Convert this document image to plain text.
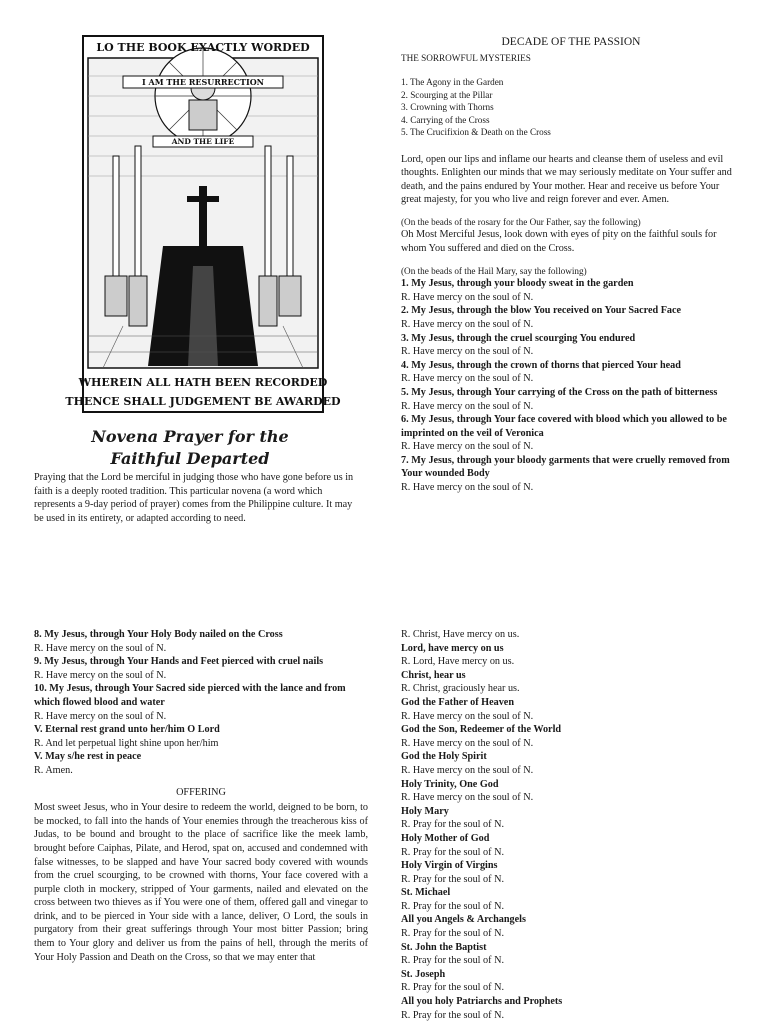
I AM THE RESURRECTION
AND THE LIFE
LO THE BOOK EXACTLY WORDED
WHEREIN ALL HATH BEEN RECORDED
THENCE SHALL JUDGEMENT BE AWARDED
Novena Prayer for the
Faithful Departed

Praying that the Lord be merciful in judging those who have gone before us in faith is a deeply rooted tradition. This particular novena (a word which represents a 9-day period of prayer) comes from the Philippine culture. It may be used in its entirety, or adapted according to need.

DECADE OF THE PASSION
THE SORROWFUL MYSTERIES
1. The Agony in the Garden
2. Scourging at the Pillar
3. Crowning with Thorns
4. Carrying of the Cross
5. The Crucifixion & Death on the Cross

Lord, open our lips and inflame our hearts and cleanse them of useless and evil thoughts. Enlighten our minds that we may seriously meditate on Your suffer and death, and the pains endured by Your mother. Hear and receive us before Your great majesty, for you who live and reign forever and ever. Amen.

(On the beads of the rosary for the Our Father, say the following)

Oh Most Merciful Jesus, look down with eyes of pity on the faithful souls for whom You suffered and died on the Cross.

(On the beads of the Hail Mary, say the following)
1. My Jesus, through your bloody sweat in the garden
R. Have mercy on the soul of N.
2. My Jesus, through the blow You received on Your Sacred Face
R. Have mercy on the soul of N.
3. My Jesus, through the cruel scourging You endured
R. Have mercy on the soul of N.
4. My Jesus, through the crown of thorns that pierced Your head
R. Have mercy on the soul of N.
5. My Jesus, through Your carrying of the Cross on the path of bitterness
R. Have mercy on the soul of N.
6. My Jesus, through Your face covered with blood which you allowed to be imprinted on the veil of Veronica
R. Have mercy on the soul of N.
7. My Jesus, through your bloody garments that were cruelly removed from Your wounded Body
R. Have mercy on the soul of N.
8. My Jesus, through Your Holy Body nailed on the Cross
R. Have mercy on the soul of N.
9. My Jesus, through Your Hands and Feet pierced with cruel nails
R. Have mercy on the soul of N.
10. My Jesus, through Your Sacred side pierced with the lance and from which flowed blood and water
R. Have mercy on the soul of N.
V. Eternal rest grand unto her/him O Lord
R. And let perpetual light shine upon her/him
V. May s/he rest in peace
R. Amen.
OFFERING

Most sweet Jesus, who in Your desire to redeem the world, deigned to be born, to be mocked, to fall into the hands of Your enemies through the treacherous kiss of Judas, to be bound and brought to the place of sacrifice like the meek lamb, brought before Caiphas, Pilate, and Herod, spat on, accused and condemned with false witnesses, to be slapped and have Your sacred body covered with wounds from the cruel scourging, to be crowned with thorns, Your face covered with a purple cloth in mockery, stripped of Your garments, nailed and elevated on the cross between two thieves as if You were one of them, offered gall and vinegar to drink, and to be pierced in Your side with a lance, deliver, O Lord, the souls in purgatory from their great sufferings through Your most bitter Passion; bring them to Your glory and deliver us from the pains of hell, through the merits of Your Holy Passion and Death on the Cross, so that we may enter that

R. Christ, Have mercy on us.
Lord, have mercy on us
R. Lord, Have mercy on us.
Christ, hear us
R. Christ, graciously hear us.
God the Father of Heaven
R. Have mercy on the soul of N.
God the Son, Redeemer of the World
R. Have mercy on the soul of N.
God the Holy Spirit
R. Have mercy on the soul of N.
Holy Trinity, One God
R. Have mercy on the soul of N.
Holy Mary
R. Pray for the soul of N.
Holy Mother of God
R. Pray for the soul of N.
Holy Virgin of Virgins
R. Pray for the soul of N.
St. Michael
R. Pray for the soul of N.
All you Angels & Archangels
R. Pray for the soul of N.
St. John the Baptist
R. Pray for the soul of N.
St. Joseph
R. Pray for the soul of N.
All you holy Patriarchs and Prophets
R. Pray for the soul of N.
